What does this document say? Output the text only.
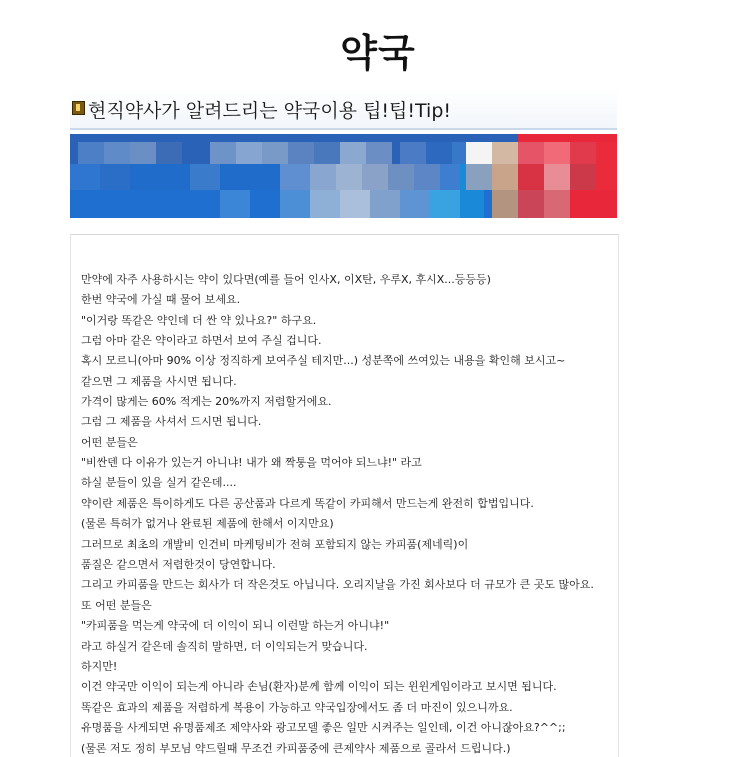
약국
현직약사가 알려드리는 약국이용 팁!팁!Tip!
만약에 자주 사용하시는 약이 있다면(예를 들어 인사X, 이X탄, 우루X, 후시X...등등등)
한번 약국에 가실 때 물어 보세요.
"이거랑 똑같은 약인데 더 싼 약 있나요?" 하구요.
그럼 아마 같은 약이라고 하면서 보여 주실 겁니다.
혹시 모르니(아마 90% 이상 정직하게 보여주실 테지만...) 성분쪽에 쓰여있는 내용을 확인해 보시고~
같으면 그 제품을 사시면 됩니다.
가격이 많게는 60% 적게는 20%까지 저렴할거에요.
그럼 그 제품을 사셔서 드시면 됩니다.
어떤 분들은
"비싼덴 다 이유가 있는거 아니냐! 내가 왜 짝퉁을 먹어야 되느냐!" 라고
하실 분들이 있을 실거 같은데....
약이란 제품은 특이하게도 다른 공산품과 다르게 똑같이 카피해서 만드는게 완전히 합법입니다.
(물론 특허가 없거나 완료된 제품에 한해서 이지만요)
그러므로 최초의 개발비 인건비 마케팅비가 전혀 포함되지 않는 카피품(제네릭)이
품질은 같으면서 저렴한것이 당연합니다.
그리고 카피품을 만드는 회사가 더 작은것도 아닙니다. 오리지날을 가진 회사보다 더 규모가 큰 곳도 많아요.
또 어떤 분들은
"카피품을 먹는게 약국에 더 이익이 되니 이런말 하는거 아니냐!"
라고 하실거 같은데 솔직히 말하면, 더 이익되는거 맞습니다.
하지만!
이건 약국만 이익이 되는게 아니라 손님(환자)분께 함께 이익이 되는 윈윈게임이라고 보시면 됩니다.
똑같은 효과의 제품을 저렴하게 복용이 가능하고 약국입장에서도 좀 더 마진이 있으니까요.
유명품을 사게되면 유명품제조 제약사와 광고모델 좋은 일만 시켜주는 일인데, 이건 아니잖아요?^^;;
(물론 저도 정히 부모님 약드릴때 무조건 카피품중에 큰제약사 제품으로 골라서 드립니다.)
